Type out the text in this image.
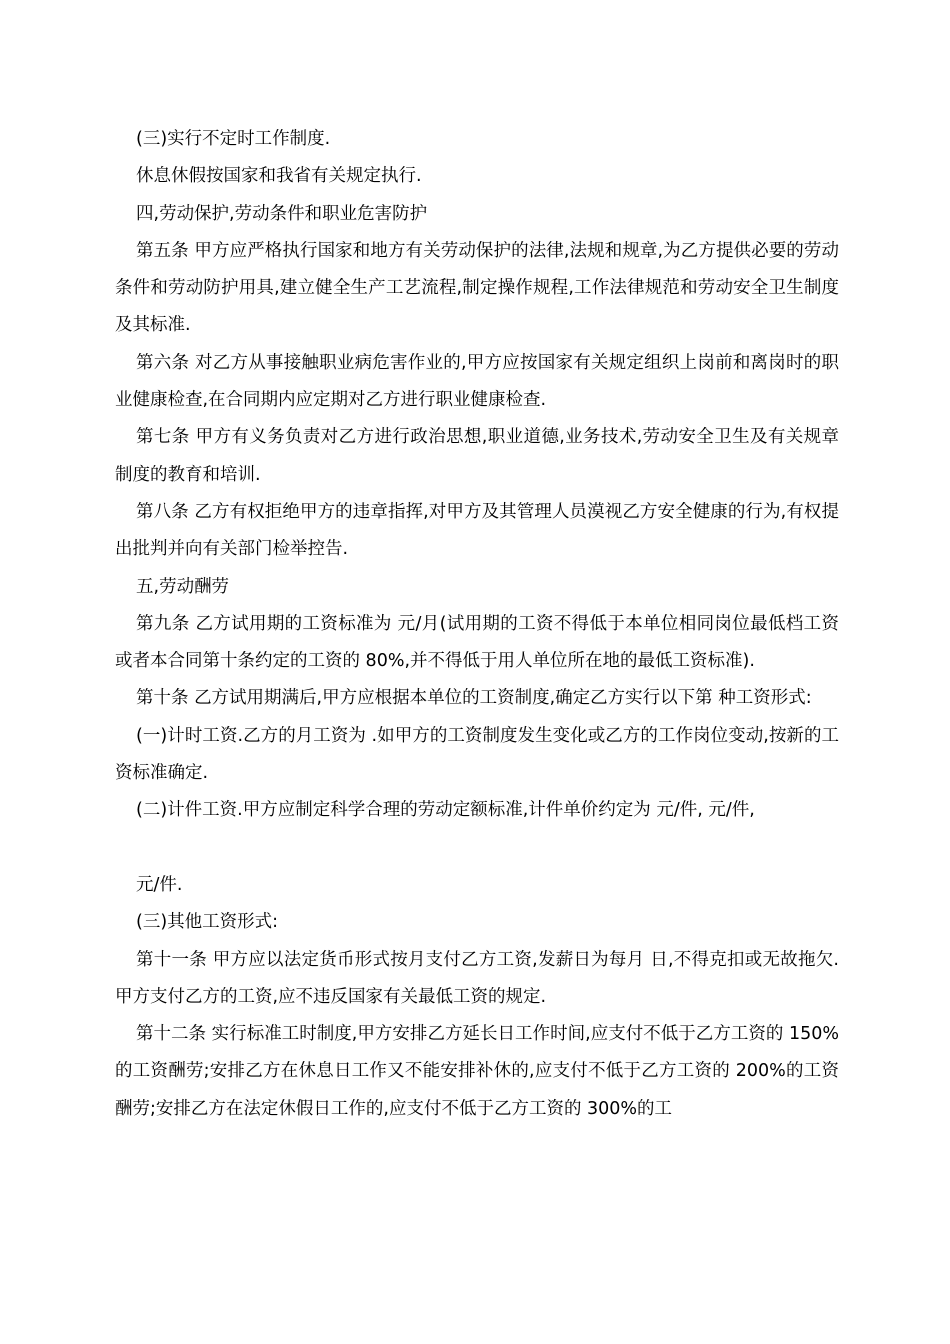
(三)实行不定时工作制度.

休息休假按国家和我省有关规定执行.

四,劳动保护,劳动条件和职业危害防护

第五条 甲方应严格执行国家和地方有关劳动保护的法律,法规和规章,为乙方提供必要的劳动条件和劳动防护用具,建立健全生产工艺流程,制定操作规程,工作法律规范和劳动安全卫生制度及其标准.

第六条 对乙方从事接触职业病危害作业的,甲方应按国家有关规定组织上岗前和离岗时的职业健康检查,在合同期内应定期对乙方进行职业健康检查.

第七条 甲方有义务负责对乙方进行政治思想,职业道德,业务技术,劳动安全卫生及有关规章制度的教育和培训.

第八条 乙方有权拒绝甲方的违章指挥,对甲方及其管理人员漠视乙方安全健康的行为,有权提出批判并向有关部门检举控告.

五,劳动酬劳

第九条 乙方试用期的工资标准为 元/月(试用期的工资不得低于本单位相同岗位最低档工资或者本合同第十条约定的工资的 80%,并不得低于用人单位所在地的最低工资标准).

第十条 乙方试用期满后,甲方应根据本单位的工资制度,确定乙方实行以下第 种工资形式:

(一)计时工资.乙方的月工资为 .如甲方的工资制度发生变化或乙方的工作岗位变动,按新的工资标准确定.

(二)计件工资.甲方应制定科学合理的劳动定额标准,计件单价约定为 元/件, 元/件,

元/件.

(三)其他工资形式:

第十一条 甲方应以法定货币形式按月支付乙方工资,发薪日为每月 日,不得克扣或无故拖欠.甲方支付乙方的工资,应不违反国家有关最低工资的规定.

第十二条 实行标准工时制度,甲方安排乙方延长日工作时间,应支付不低于乙方工资的 150%的工资酬劳;安排乙方在休息日工作又不能安排补休的,应支付不低于乙方工资的 200%的工资酬劳;安排乙方在法定休假日工作的,应支付不低于乙方工资的 300%的工
